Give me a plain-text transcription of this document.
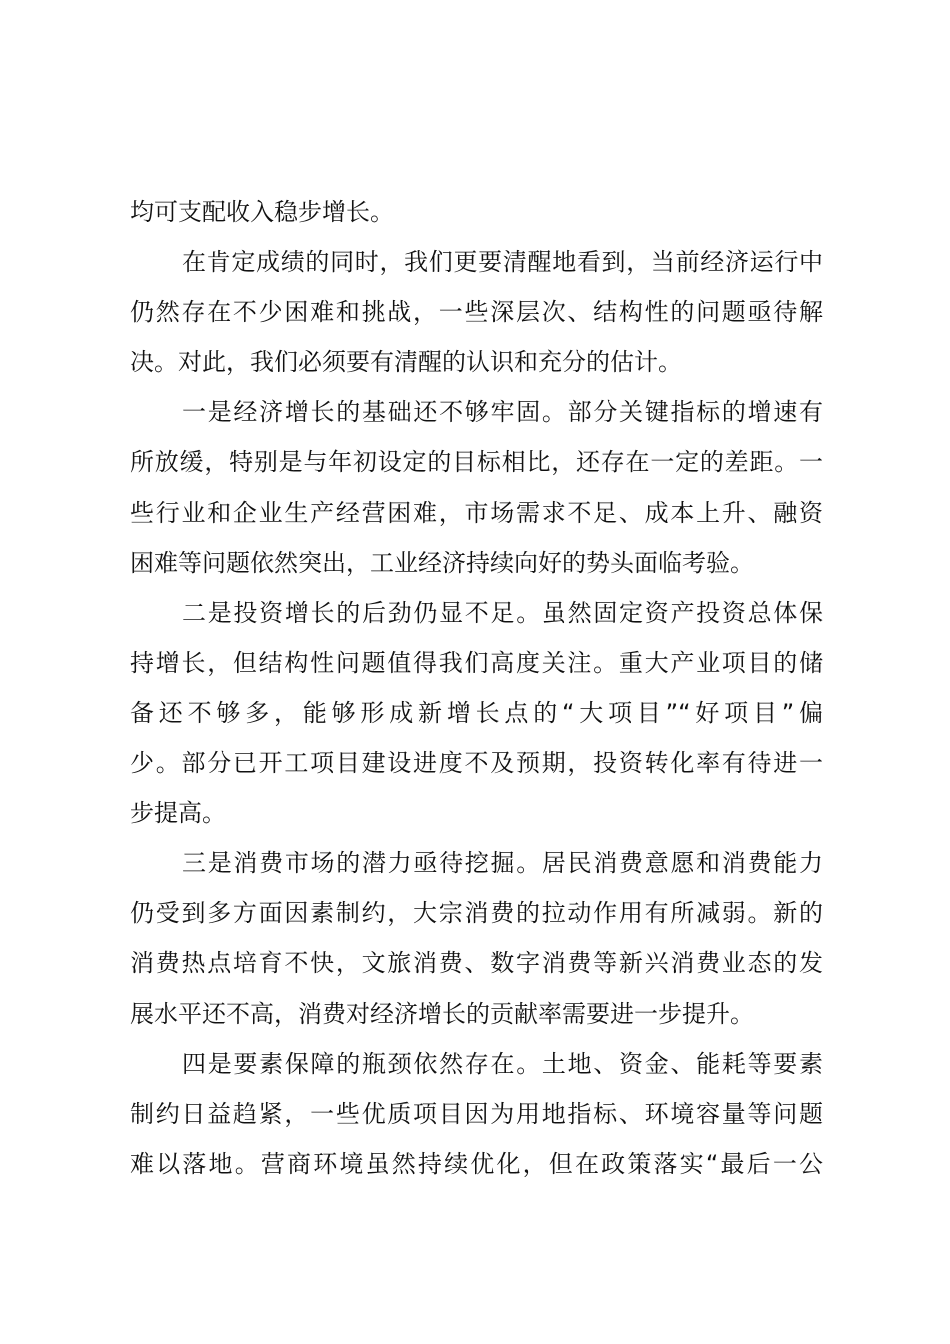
均可支配收入稳步增长。
在肯定成绩的同时，我们更要清醒地看到，当前经济运行中
仍然存在不少困难和挑战，一些深层次、结构性的问题亟待解
决。对此，我们必须要有清醒的认识和充分的估计。
一是经济增长的基础还不够牢固。部分关键指标的增速有
所放缓，特别是与年初设定的目标相比，还存在一定的差距。一
些行业和企业生产经营困难，市场需求不足、成本上升、融资
困难等问题依然突出，工业经济持续向好的势头面临考验。
二是投资增长的后劲仍显不足。虽然固定资产投资总体保
持增长，但结构性问题值得我们高度关注。重大产业项目的储
备还不够多，能够形成新增长点的“大项目”“好项目”偏
少。部分已开工项目建设进度不及预期，投资转化率有待进一
步提高。
三是消费市场的潜力亟待挖掘。居民消费意愿和消费能力
仍受到多方面因素制约，大宗消费的拉动作用有所减弱。新的
消费热点培育不快，文旅消费、数字消费等新兴消费业态的发
展水平还不高，消费对经济增长的贡献率需要进一步提升。
四是要素保障的瓶颈依然存在。土地、资金、能耗等要素
制约日益趋紧，一些优质项目因为用地指标、环境容量等问题
难以落地。营商环境虽然持续优化，但在政策落实“最后一公
